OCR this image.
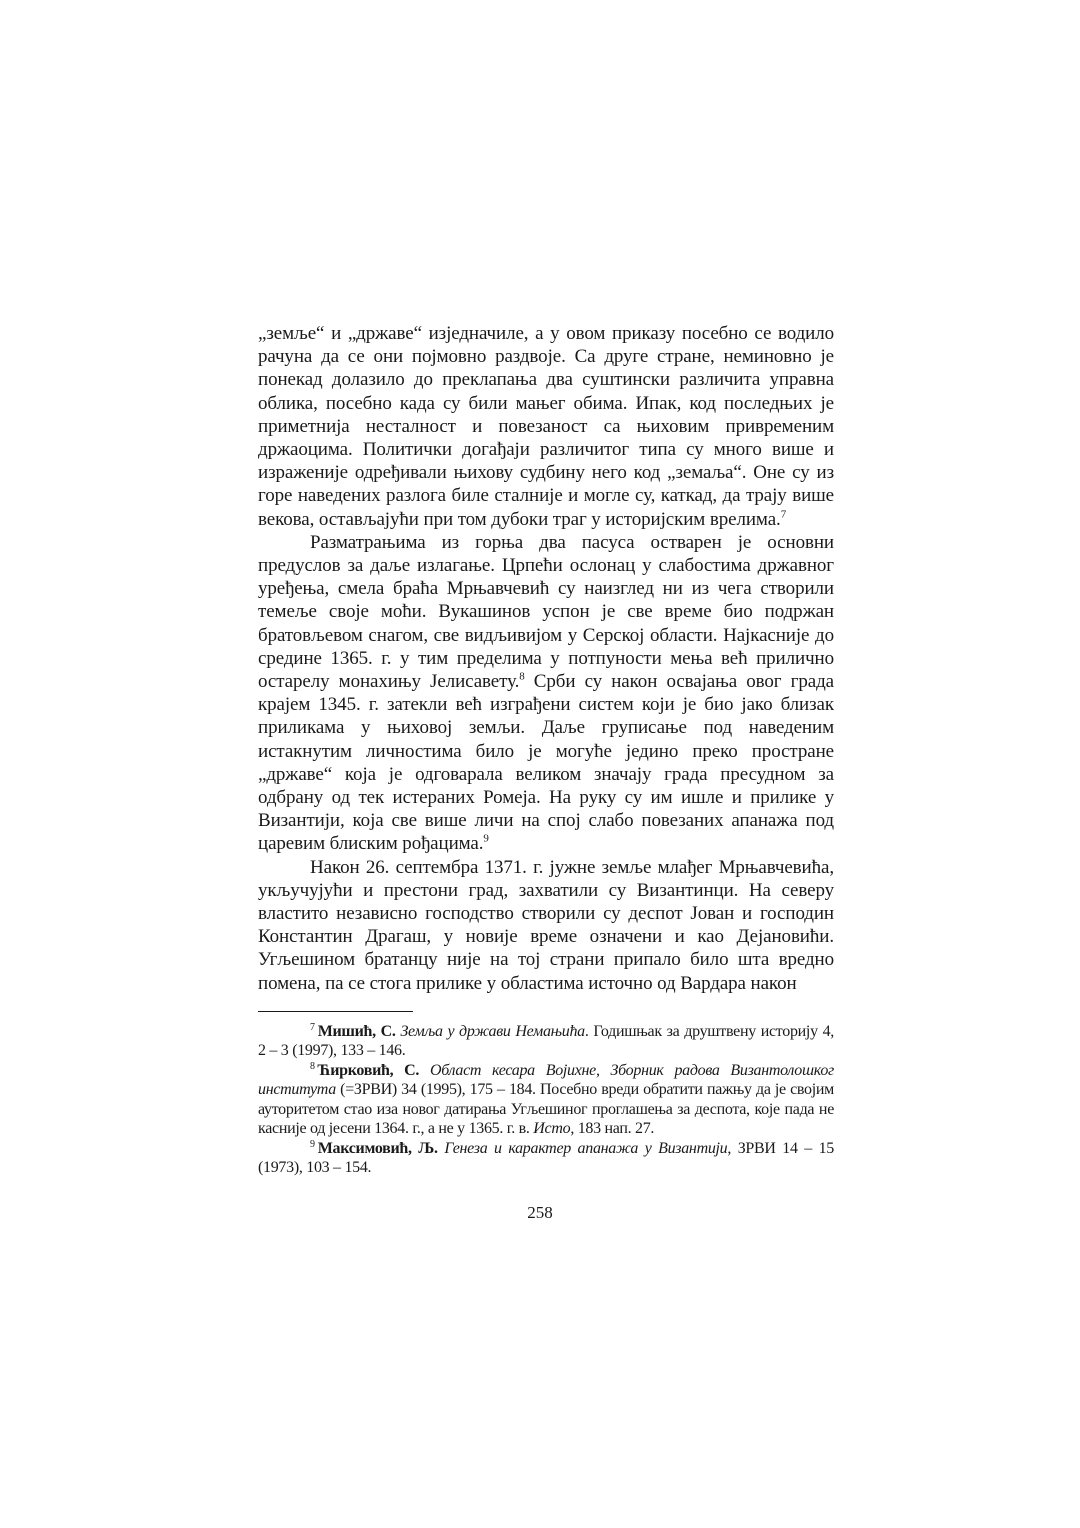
„земље“ и „државе“ изједначиле, а у овом приказу посебно се водило рачуна да се они појмовно раздвоје. Са друге стране, неминовно је понекад долазило до преклапања два суштински различита управна облика, посебно када су били мањег обима. Ипак, код последњих је приметнија несталност и повезаност са њиховим привременим држаоцима. Политички догађаји различитог типа су много више и израженије одређивали њихову судбину него код „земаља“. Оне су из горе наведених разлога биле сталније и могле су, каткад, да трају више векова, остављајући при том дубоки траг у историјским врелима.$^7$

Разматрањима из горња два пасуса остварен је основни предуслов за даље излагање. Црпећи ослонац у слабостима државног уређења, смела браћа Мрњавчевић су наизглед ни из чега створили темеље своје моћи. Вукашинов успон је све време био подржан братовљевом снагом, све видљивијом у Серској области. Најкасније до средине 1365. г. у тим пределима у потпуности мења већ прилично остарелу монахињу Јелисавету.$^8$ Срби су након освајања овог града крајем 1345. г. затекли већ изграђени систем који је био јако близак приликама у њиховој земљи. Даље груписање под наведеним истакнутим личностима било је могуће једино преко простране „државе“ која је одговарала великом значају града пресудном за одбрану од тек истераних Ромеја. На руку су им ишле и прилике у Византији, која све више личи на спој слабо повезаних апанажа под царевим блиским рођацима.$^9$

Након 26. септембра 1371. г. јужне земље млађег Мрњавчевића, укључујући и престони град, захватили су Византинци. На северу властито независно господство створили су деспот Јован и господин Константин Драгаш, у новије време означени и као Дејановићи. Угљешином братанцу није на тој страни припало било шта вредно помена, па се стога прилике у областима источно од Вардара након

$^7$ Мишић, С. Земља у држави Немањића. Годишњак за друштвену историју 4, 2 – 3 (1997), 133 – 146.

$^8$ Ћирковић, С. Област кесара Војихне, Зборник радова Византолошког института (=ЗРВИ) 34 (1995), 175 – 184. Посебно вреди обратити пажњу да је својим ауторитетом стао иза новог датирања Угљешиног проглашења за деспота, које пада не касније од јесени 1364. г., а не у 1365. г. в. Исто, 183 нап. 27.

$^9$ Максимовић, Љ. Генеза и карактер апанажа у Византији, ЗРВИ 14 – 15 (1973), 103 – 154.

258
